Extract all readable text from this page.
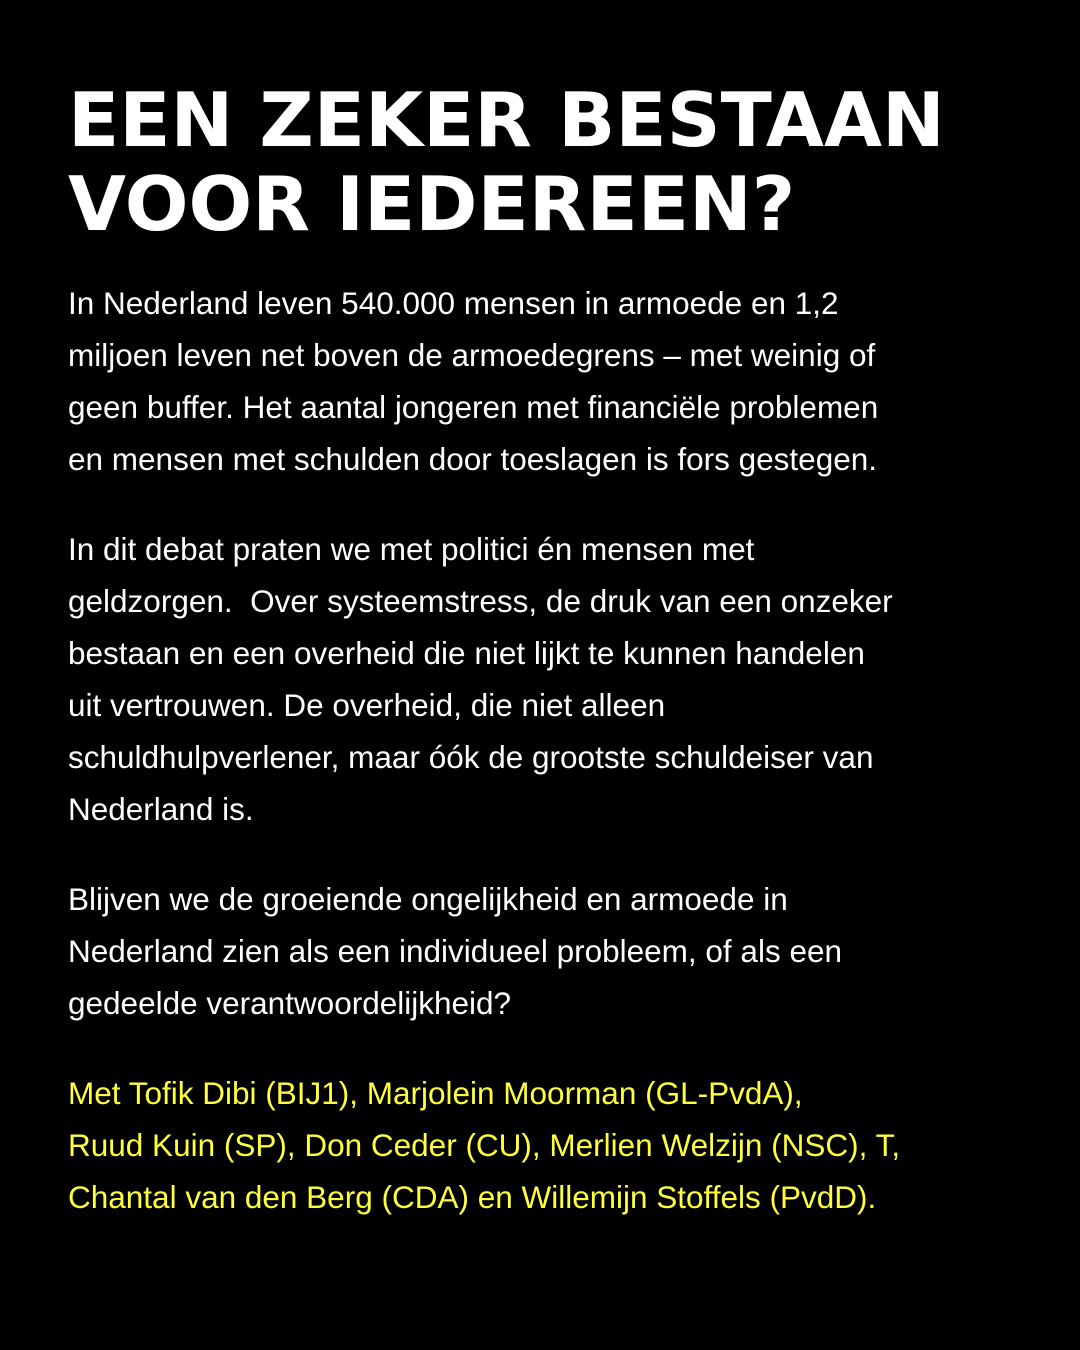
EEN ZEKER BESTAAN
VOOR IEDEREEN?

In Nederland leven 540.000 mensen in armoede en 1,2
miljoen leven net boven de armoedegrens – met weinig of
geen buffer. Het aantal jongeren met financiële problemen
en mensen met schulden door toeslagen is fors gestegen.

In dit debat praten we met politici én mensen met
geldzorgen.  Over systeemstress, de druk van een onzeker
bestaan en een overheid die niet lijkt te kunnen handelen
uit vertrouwen. De overheid, die niet alleen
schuldhulpverlener, maar óók de grootste schuldeiser van
Nederland is.

Blijven we de groeiende ongelijkheid en armoede in
Nederland zien als een individueel probleem, of als een
gedeelde verantwoordelijkheid?

Met Tofik Dibi (BIJ1), Marjolein Moorman (GL-PvdA),
Ruud Kuin (SP), Don Ceder (CU), Merlien Welzijn (NSC), T,
Chantal van den Berg (CDA) en Willemijn Stoffels (PvdD).
